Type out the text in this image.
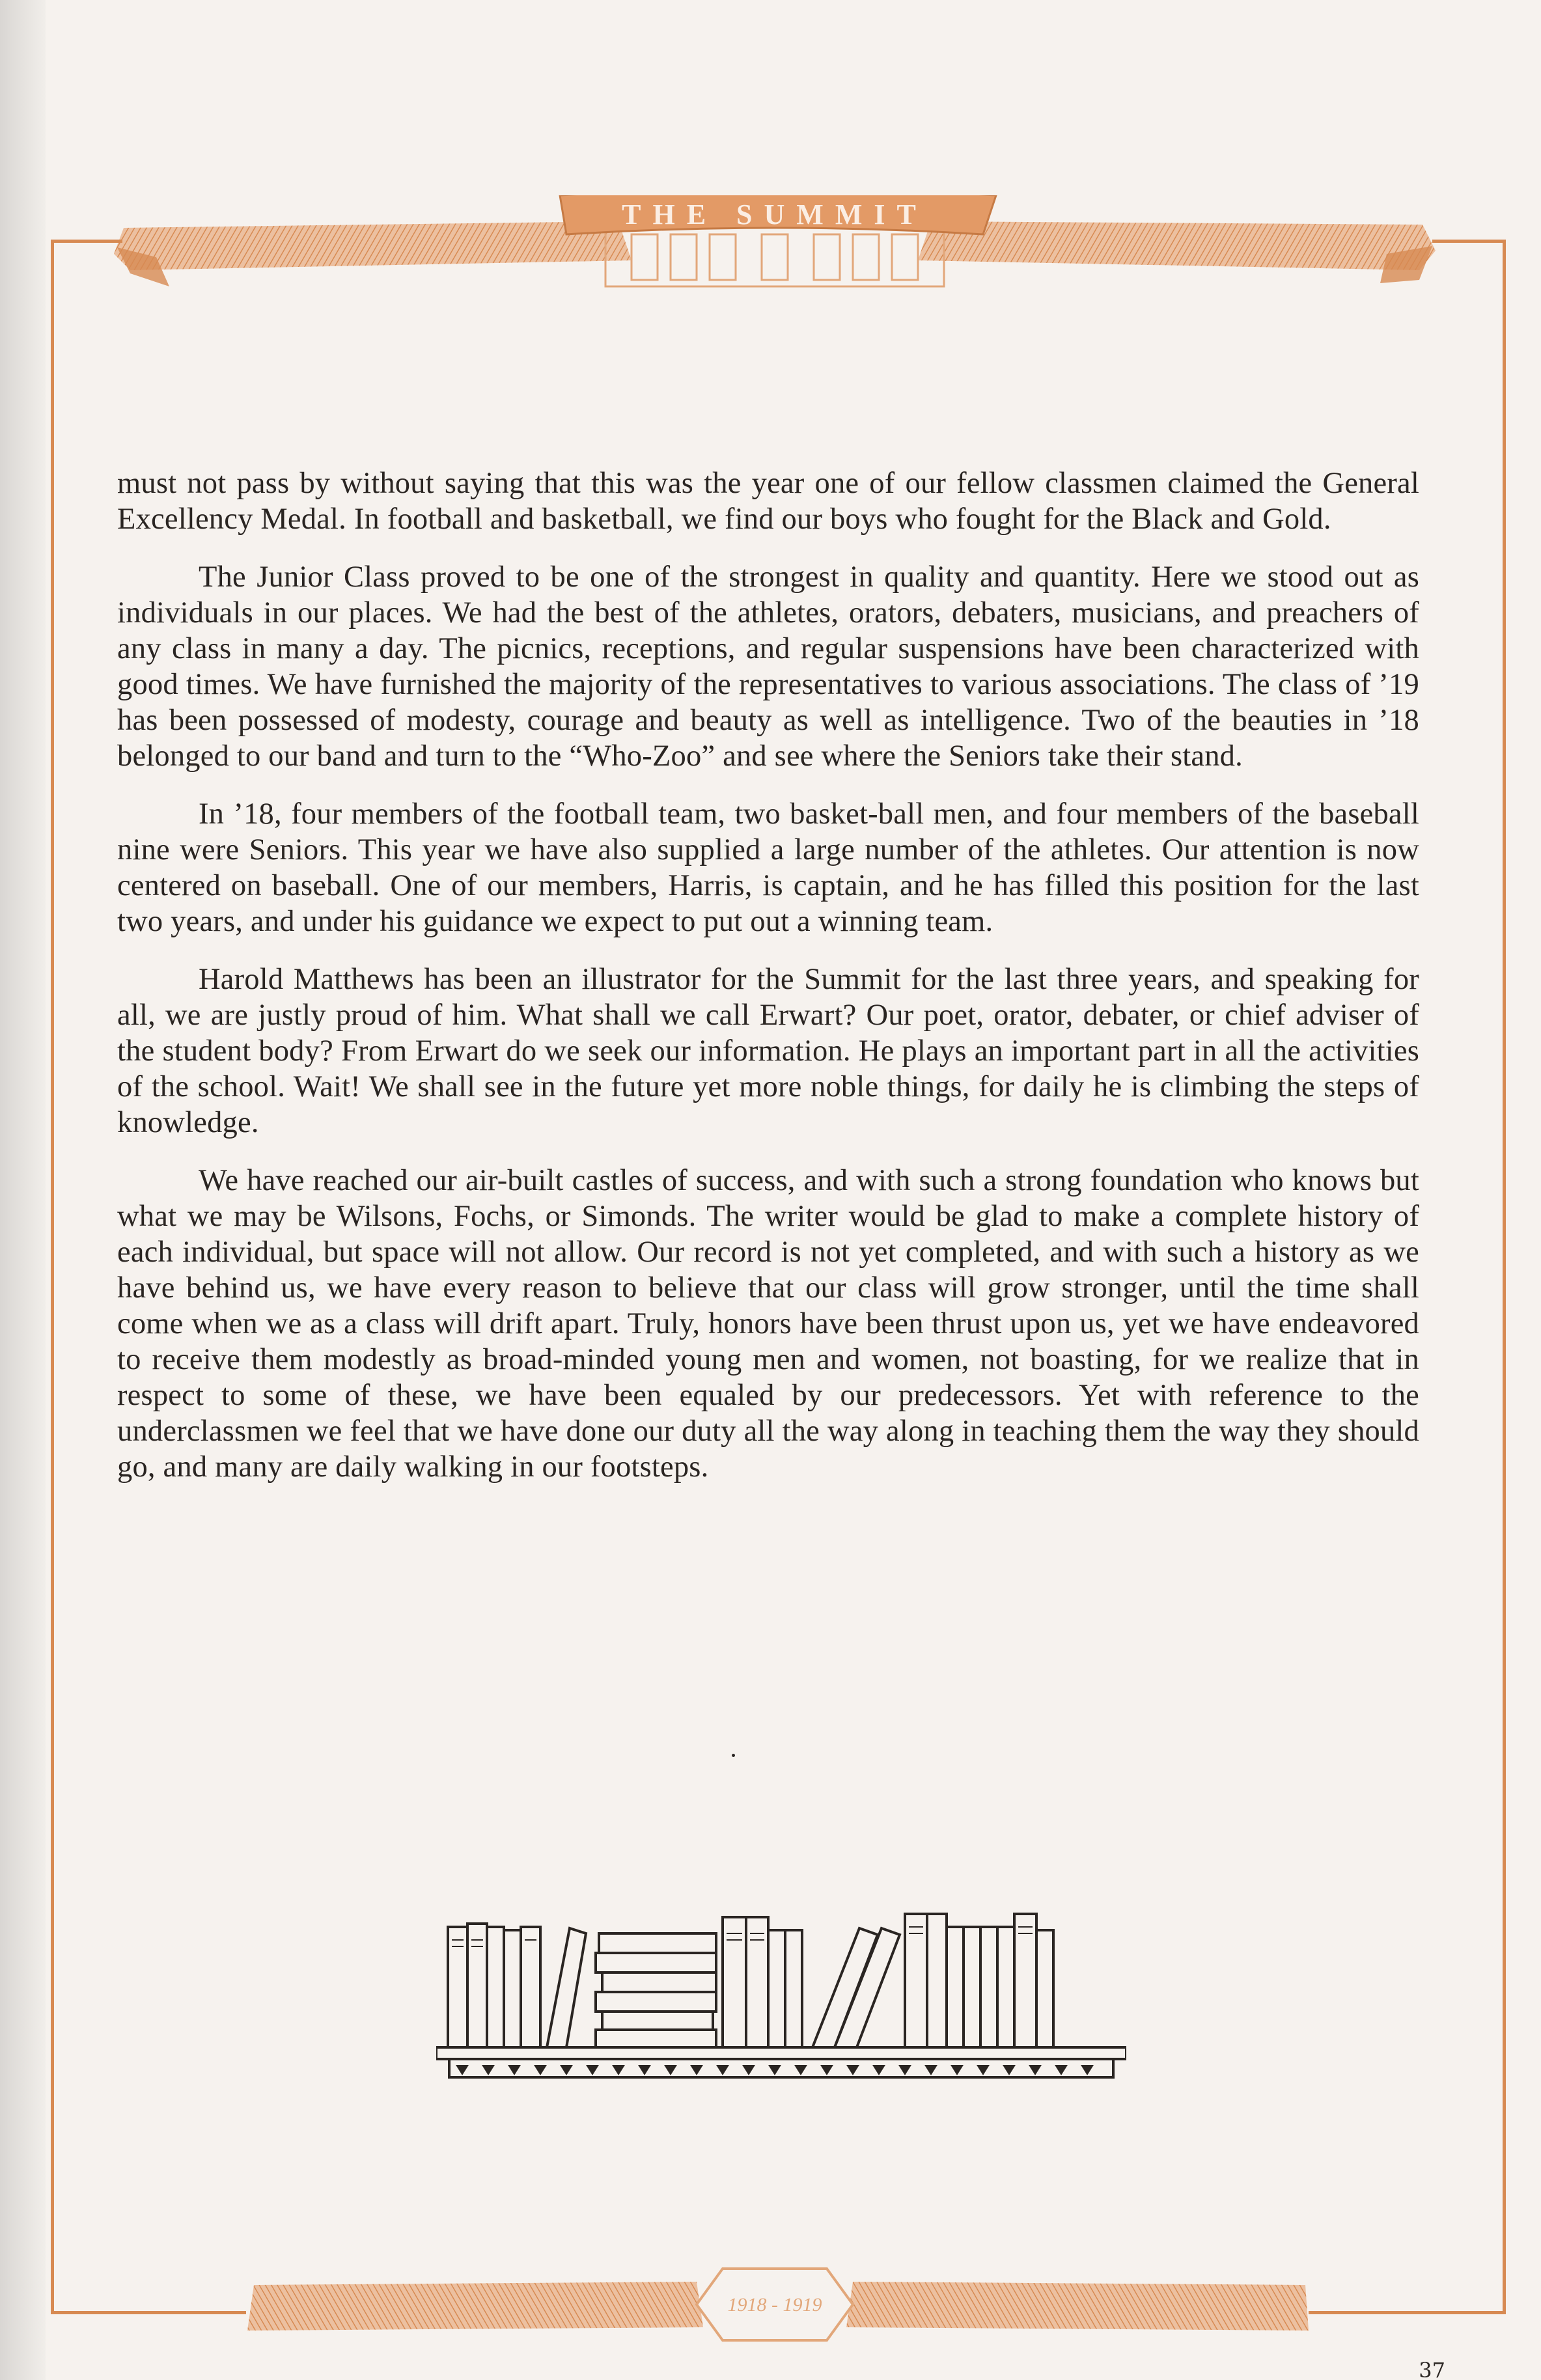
THE SUMMIT

must not pass by without saying that this was the year one of our fellow classmen claimed the General Excellency Medal. In football and basketball, we find our boys who fought for the Black and Gold.

The Junior Class proved to be one of the strongest in quality and quantity. Here we stood out as individuals in our places. We had the best of the athletes, orators, debaters, musicians, and preachers of any class in many a day. The picnics, receptions, and regular suspensions have been characterized with good times. We have furnished the majority of the representatives to various associations. The class of ’19 has been possessed of modesty, courage and beauty as well as intelligence. Two of the beauties in ’18 belonged to our band and turn to the “Who-Zoo” and see where the Seniors take their stand.

In ’18, four members of the football team, two basket-ball men, and four members of the baseball nine were Seniors. This year we have also supplied a large number of the athletes. Our attention is now centered on baseball. One of our members, Harris, is captain, and he has filled this position for the last two years, and under his guidance we expect to put out a winning team.

Harold Matthews has been an illustrator for the Summit for the last three years, and speaking for all, we are justly proud of him. What shall we call Erwart? Our poet, orator, debater, or chief adviser of the student body? From Erwart do we seek our information. He plays an important part in all the activities of the school. Wait! We shall see in the future yet more noble things, for daily he is climbing the steps of knowledge.

We have reached our air-built castles of success, and with such a strong foundation who knows but what we may be Wilsons, Fochs, or Simonds. The writer would be glad to make a complete history of each individual, but space will not allow. Our record is not yet completed, and with such a history as we have behind us, we have every reason to believe that our class will grow stronger, until the time shall come when we as a class will drift apart. Truly, honors have been thrust upon us, yet we have endeavored to receive them modestly as broad-minded young men and women, not boasting, for we realize that in respect to some of these, we have been equaled by our predecessors. Yet with reference to the underclassmen we feel that we have done our duty all the way along in teaching them the way they should go, and many are daily walking in our footsteps.

1918 - 1919
37
